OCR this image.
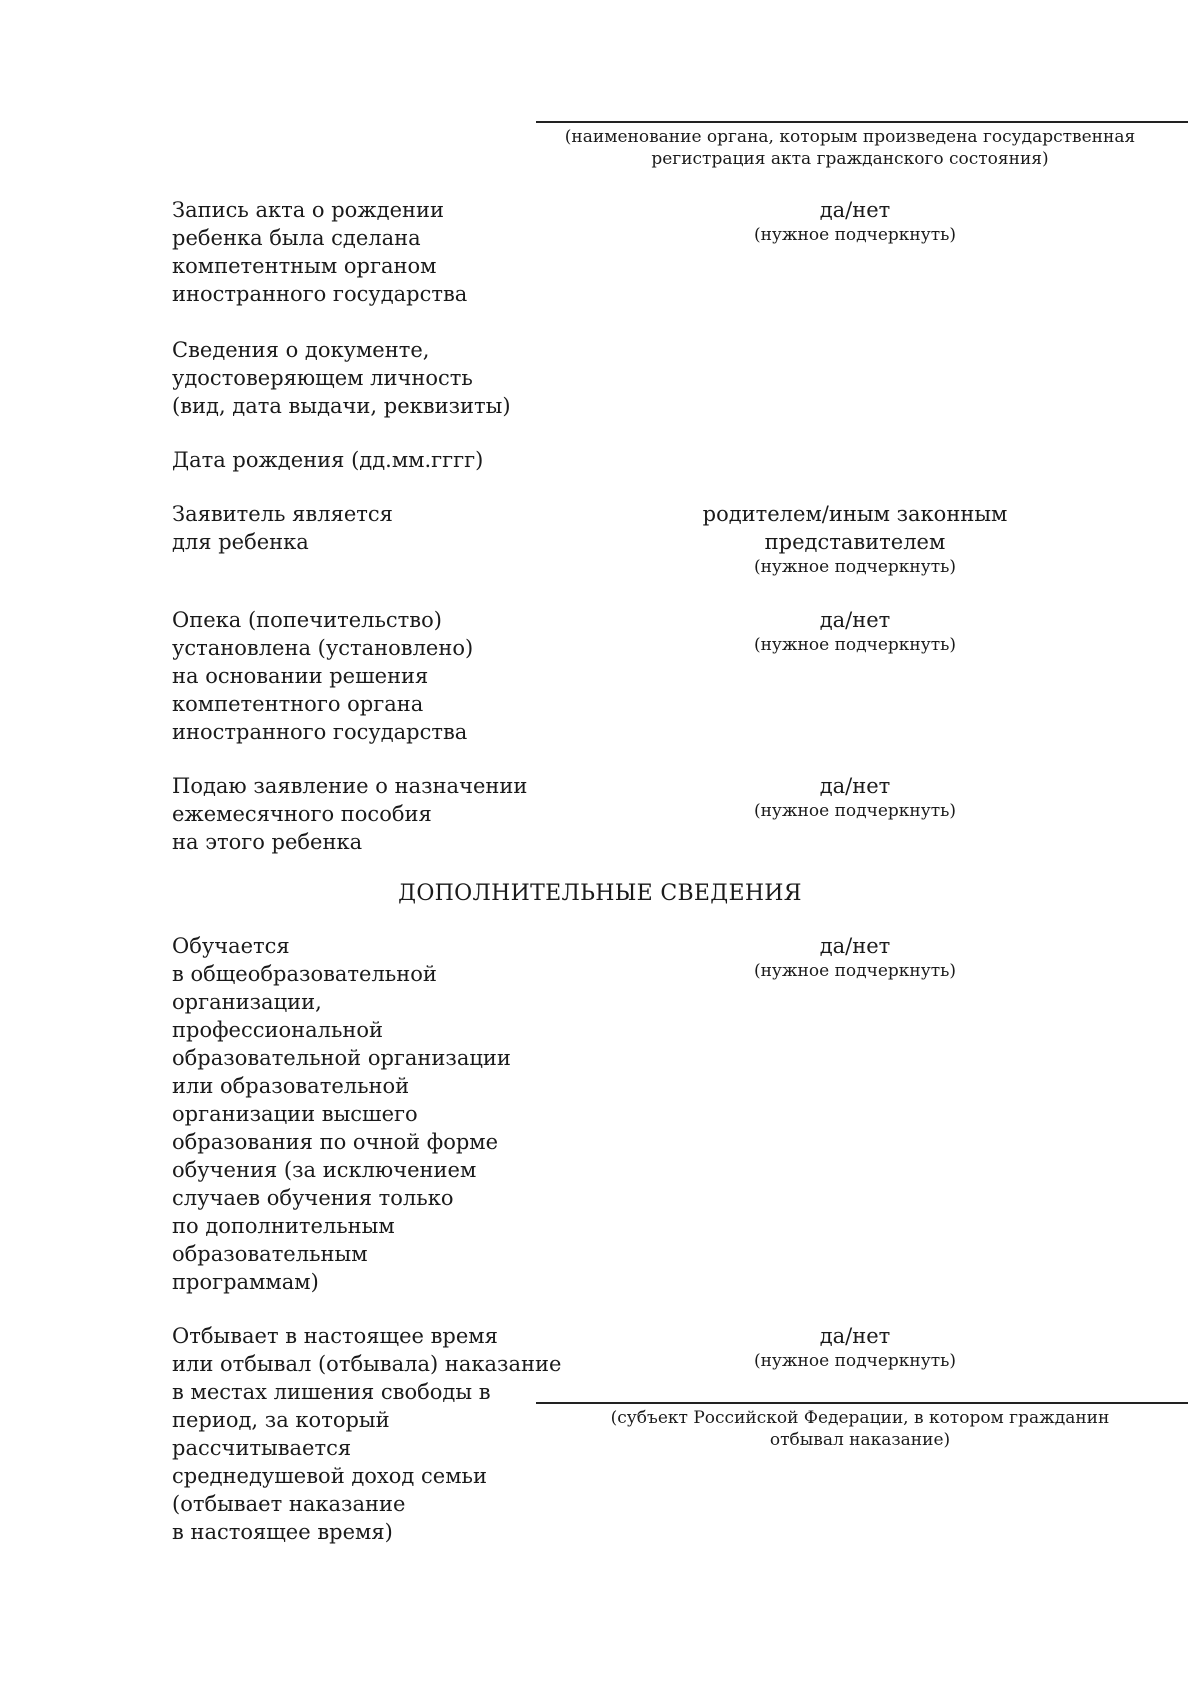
(наименование органа, которым произведена государственная
регистрация акта гражданского состояния)
Запись акта о рождении
ребенка была сделана
компетентным органом
иностранного государства
да/нет
(нужное подчеркнуть)
Сведения о документе,
удостоверяющем личность
(вид, дата выдачи, реквизиты)
Дата рождения (дд.мм.гггг)
Заявитель является
для ребенка
родителем/иным законным
представителем
(нужное подчеркнуть)
Опека (попечительство)
установлена (установлено)
на основании решения
компетентного органа
иностранного государства
да/нет
(нужное подчеркнуть)
Подаю заявление о назначении
ежемесячного пособия
на этого ребенка
да/нет
(нужное подчеркнуть)
ДОПОЛНИТЕЛЬНЫЕ СВЕДЕНИЯ
Обучается
в общеобразовательной
организации,
профессиональной
образовательной организации
или образовательной
организации высшего
образования по очной форме
обучения (за исключением
случаев обучения только
по дополнительным
образовательным
программам)
да/нет
(нужное подчеркнуть)
Отбывает в настоящее время
или отбывал (отбывала) наказание
в местах лишения свободы в
период, за который
рассчитывается
среднедушевой доход семьи
(отбывает наказание
в настоящее время)
да/нет
(нужное подчеркнуть)
(субъект Российской Федерации, в котором гражданин
отбывал наказание)
